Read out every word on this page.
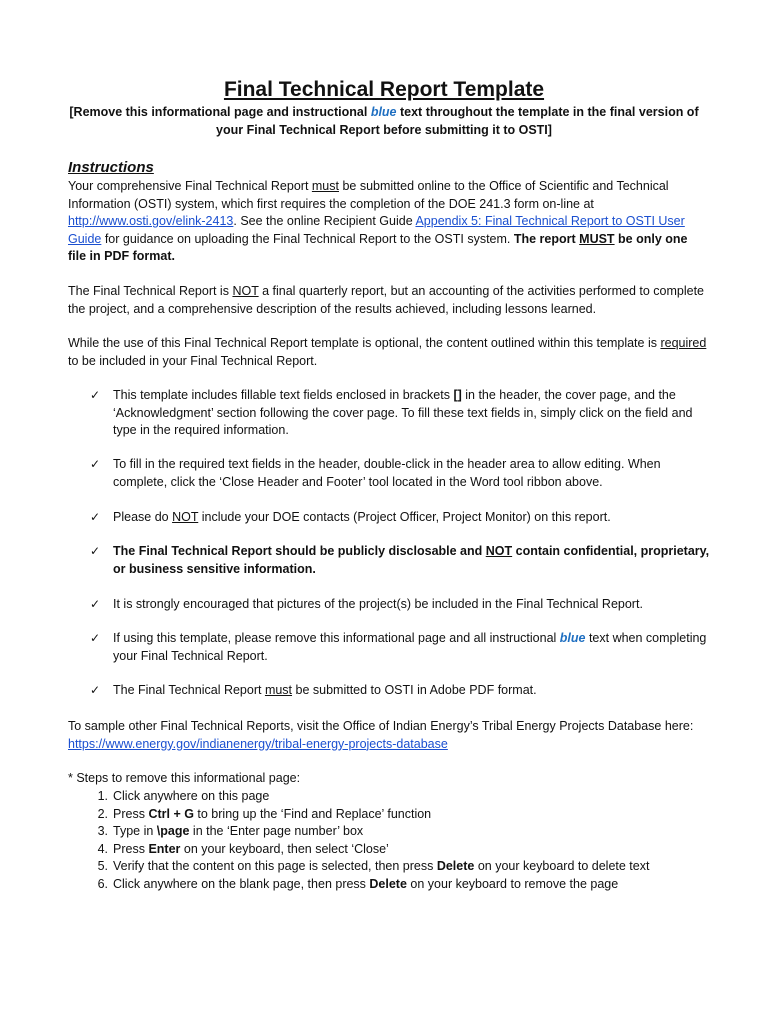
Final Technical Report Template
[Remove this informational page and instructional blue text throughout the template in the final version of your Final Technical Report before submitting it to OSTI]
Instructions
Your comprehensive Final Technical Report must be submitted online to the Office of Scientific and Technical Information (OSTI) system, which first requires the completion of the DOE 241.3 form on-line at http://www.osti.gov/elink-2413. See the online Recipient Guide Appendix 5: Final Technical Report to OSTI User Guide for guidance on uploading the Final Technical Report to the OSTI system. The report MUST be only one file in PDF format.
The Final Technical Report is NOT a final quarterly report, but an accounting of the activities performed to complete the project, and a comprehensive description of the results achieved, including lessons learned.
While the use of this Final Technical Report template is optional, the content outlined within this template is required to be included in your Final Technical Report.
✓	This template includes fillable text fields enclosed in brackets [] in the header, the cover page, and the ‘Acknowledgment’ section following the cover page. To fill these text fields in, simply click on the field and type in the required information.
✓	To fill in the required text fields in the header, double-click in the header area to allow editing. When complete, click the ‘Close Header and Footer’ tool located in the Word tool ribbon above.
✓	Please do NOT include your DOE contacts (Project Officer, Project Monitor) on this report.
✓	The Final Technical Report should be publicly disclosable and NOT contain confidential, proprietary, or business sensitive information.
✓	It is strongly encouraged that pictures of the project(s) be included in the Final Technical Report.
✓	If using this template, please remove this informational page and all instructional blue text when completing your Final Technical Report.
✓	The Final Technical Report must be submitted to OSTI in Adobe PDF format.
To sample other Final Technical Reports, visit the Office of Indian Energy’s Tribal Energy Projects Database here:
https://www.energy.gov/indianenergy/tribal-energy-projects-database
* Steps to remove this informational page:
1. Click anywhere on this page
2. Press Ctrl + G to bring up the ‘Find and Replace’ function
3. Type in \page in the ‘Enter page number’ box
4. Press Enter on your keyboard, then select ‘Close’
5. Verify that the content on this page is selected, then press Delete on your keyboard to delete text
6. Click anywhere on the blank page, then press Delete on your keyboard to remove the page
